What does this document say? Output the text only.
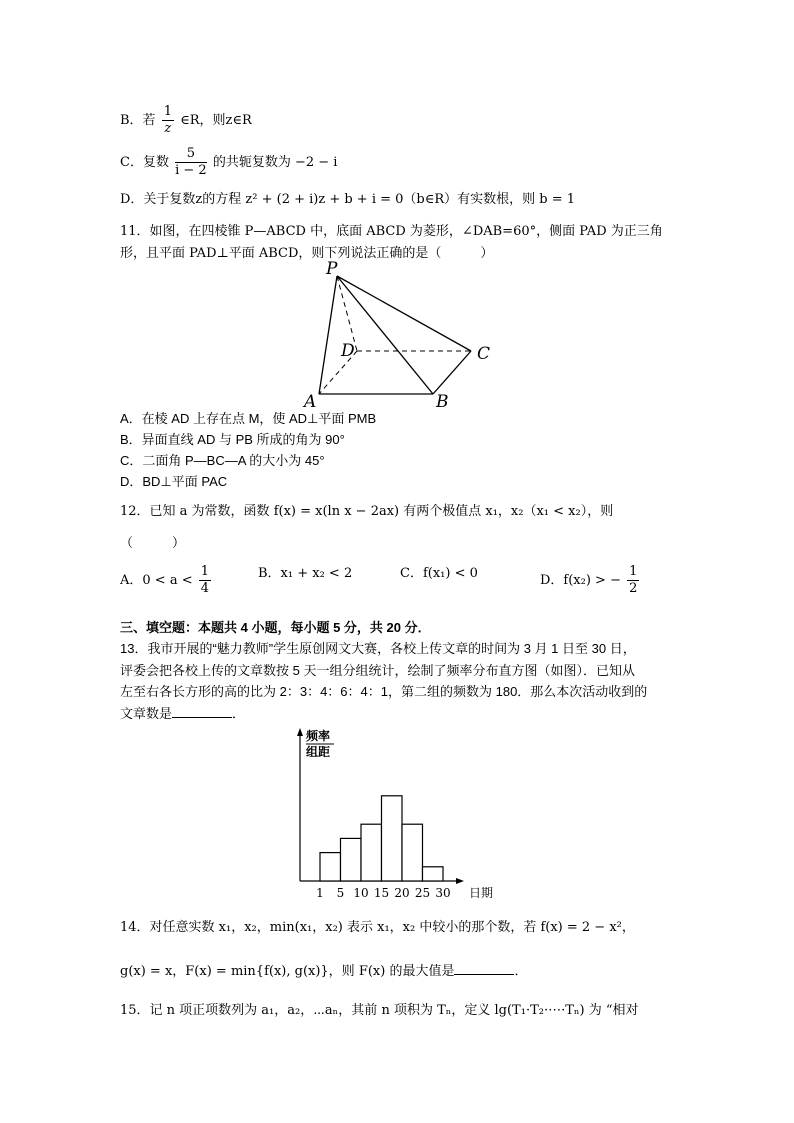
B．若 $\frac{1}{z}$ ∈R，则z∈R
C．复数 $\frac{5}{i - 2}$ 的共轭复数为 −2 − i
D．关于复数z的方程 z² + (2 + i)z + b + i = 0（b∈R）有实数根，则 b = 1
11．如图，在四棱锥 P—ABCD 中，底面 ABCD 为菱形，∠DAB=60°，侧面 PAD 为正三角
形，且平面 PAD⊥平面 ABCD，则下列说法正确的是（　　　）
P
D	C
A	B
A．在棱 AD 上存在点 M，使 AD⊥平面 PMB
B．异面直线 AD 与 PB 所成的角为 90°
C．二面角 P—BC—A 的大小为 45°
D．BD⊥平面 PAC
12．已知 a 为常数，函数 f(x) = x(ln x − 2ax) 有两个极值点 x₁，x₂（x₁ < x₂），则
（　　　）
A．$0 < a < \frac{1}{4}$	B．x₁ + x₂ < 2	C．f(x₁) < 0	D．f(x₂) > − $\frac{1}{2}$
三、填空题：本题共 4 小题，每小题 5 分，共 20 分．
13．我市开展的“魅力教师”学生原创网文大赛，各校上传文章的时间为 3 月 1 日至 30 日，
评委会把各校上传的文章数按 5 天一组分组统计，绘制了频率分布直方图（如图）．已知从
左至右各长方形的高的比为 2：3：4：6：4：1，第二组的频数为 180．那么本次活动收到的
文章数是	．
频率
组距
1 5 10 15 20 25 30 日期
14．对任意实数 x₁，x₂，min(x₁，x₂) 表示 x₁，x₂ 中较小的那个数，若 f(x) = 2 − x²，
g(x) = x，F(x) = min{f(x), g(x)}，则 F(x) 的最大值是	．
15．记 n 项正项数列为 a₁，a₂，⋯aₙ，其前 n 项积为 Tₙ，定义 lg(T₁·T₂·⋯·Tₙ) 为 “相对
